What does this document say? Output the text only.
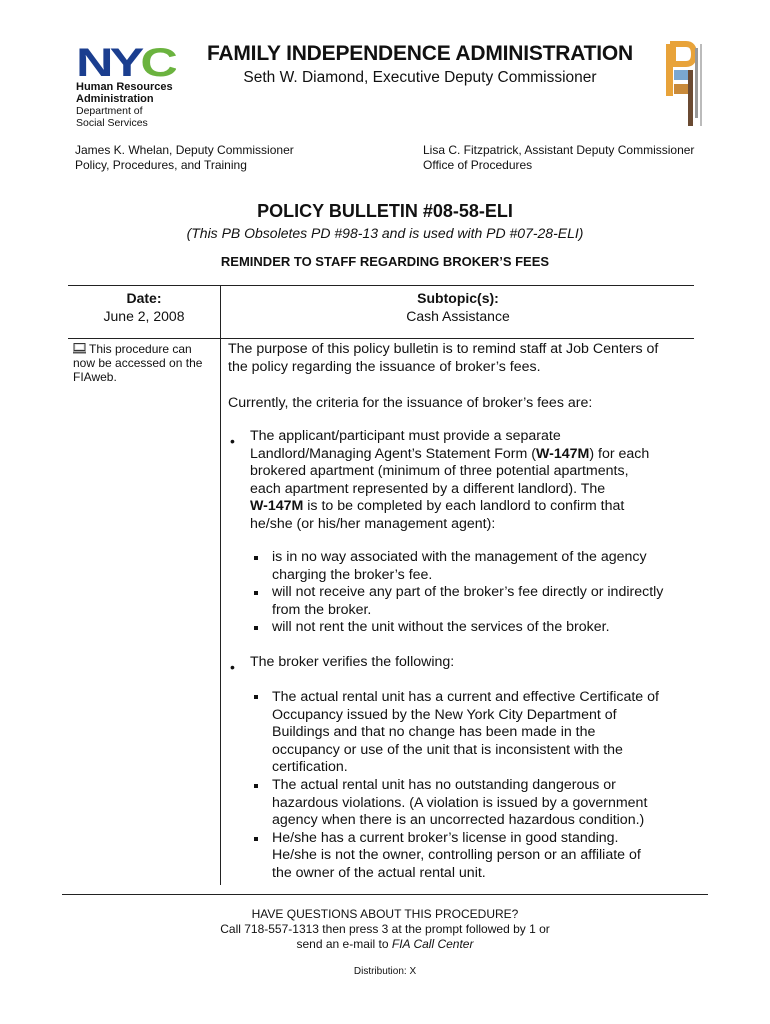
N Y C
Human Resources
Administration
Department of
Social Services
FAMILY INDEPENDENCE ADMINISTRATION
Seth W. Diamond, Executive Deputy Commissioner
James K. Whelan, Deputy Commissioner
Policy, Procedures, and Training
Lisa C. Fitzpatrick, Assistant Deputy Commissioner
Office of Procedures
POLICY BULLETIN #08-58-ELI
(This PB Obsoletes PD #98-13 and is used with PD #07-28-ELI)
REMINDER TO STAFF REGARDING BROKER’S FEES
Date:
June 2, 2008
Subtopic(s):
Cash Assistance
This procedure can
now be accessed on the
FIAweb.
The purpose of this policy bulletin is to remind staff at Job Centers of
the policy regarding the issuance of broker’s fees.
Currently, the criteria for the issuance of broker’s fees are:
• The applicant/participant must provide a separate
Landlord/Managing Agent’s Statement Form (W-147M) for each
brokered apartment (minimum of three potential apartments,
each apartment represented by a different landlord). The
W-147M is to be completed by each landlord to confirm that
he/she (or his/her management agent):
is in no way associated with the management of the agency
charging the broker’s fee.
will not receive any part of the broker’s fee directly or indirectly
from the broker.
will not rent the unit without the services of the broker.
• The broker verifies the following:
The actual rental unit has a current and effective Certificate of
Occupancy issued by the New York City Department of
Buildings and that no change has been made in the
occupancy or use of the unit that is inconsistent with the
certification.
The actual rental unit has no outstanding dangerous or
hazardous violations. (A violation is issued by a government
agency when there is an uncorrected hazardous condition.)
He/she has a current broker’s license in good standing.
He/she is not the owner, controlling person or an affiliate of
the owner of the actual rental unit.
HAVE QUESTIONS ABOUT THIS PROCEDURE?
Call 718-557-1313 then press 3 at the prompt followed by 1 or
send an e-mail to FIA Call Center
Distribution: X
